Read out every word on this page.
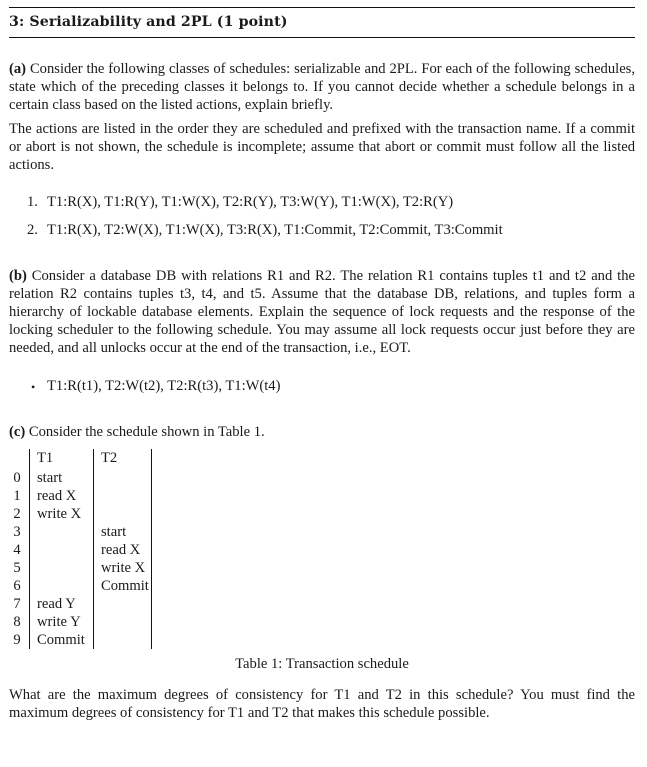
3: Serializability and 2PL (1 point)

(a) Consider the following classes of schedules: serializable and 2PL. For each of the following schedules, state which of the preceding classes it belongs to. If you cannot decide whether a schedule belongs in a certain class based on the listed actions, explain briefly.

The actions are listed in the order they are scheduled and prefixed with the transaction name. If a commit or abort is not shown, the schedule is incomplete; assume that abort or commit must follow all the listed actions.

1. T1:R(X), T1:R(Y), T1:W(X), T2:R(Y), T3:W(Y), T1:W(X), T2:R(Y)
2. T1:R(X), T2:W(X), T1:W(X), T3:R(X), T1:Commit, T2:Commit, T3:Commit

(b) Consider a database DB with relations R1 and R2. The relation R1 contains tuples t1 and t2 and the relation R2 contains tuples t3, t4, and t5. Assume that the database DB, relations, and tuples form a hierarchy of lockable database elements. Explain the sequence of lock requests and the response of the locking scheduler to the following schedule. You may assume all lock requests occur just before they are needed, and all unlocks occur at the end of the transaction, i.e., EOT.

• T1:R(t1), T2:W(t2), T2:R(t3), T1:W(t4)

(c) Consider the schedule shown in Table 1.

	T1	T2
0	start	
1	read X	
2	write X	
3		start
4		read X
5		write X
6		Commit
7	read Y	
8	write Y	
9	Commit	
Table 1: Transaction schedule

What are the maximum degrees of consistency for T1 and T2 in this schedule? You must find the maximum degrees of consistency for T1 and T2 that makes this schedule possible.
